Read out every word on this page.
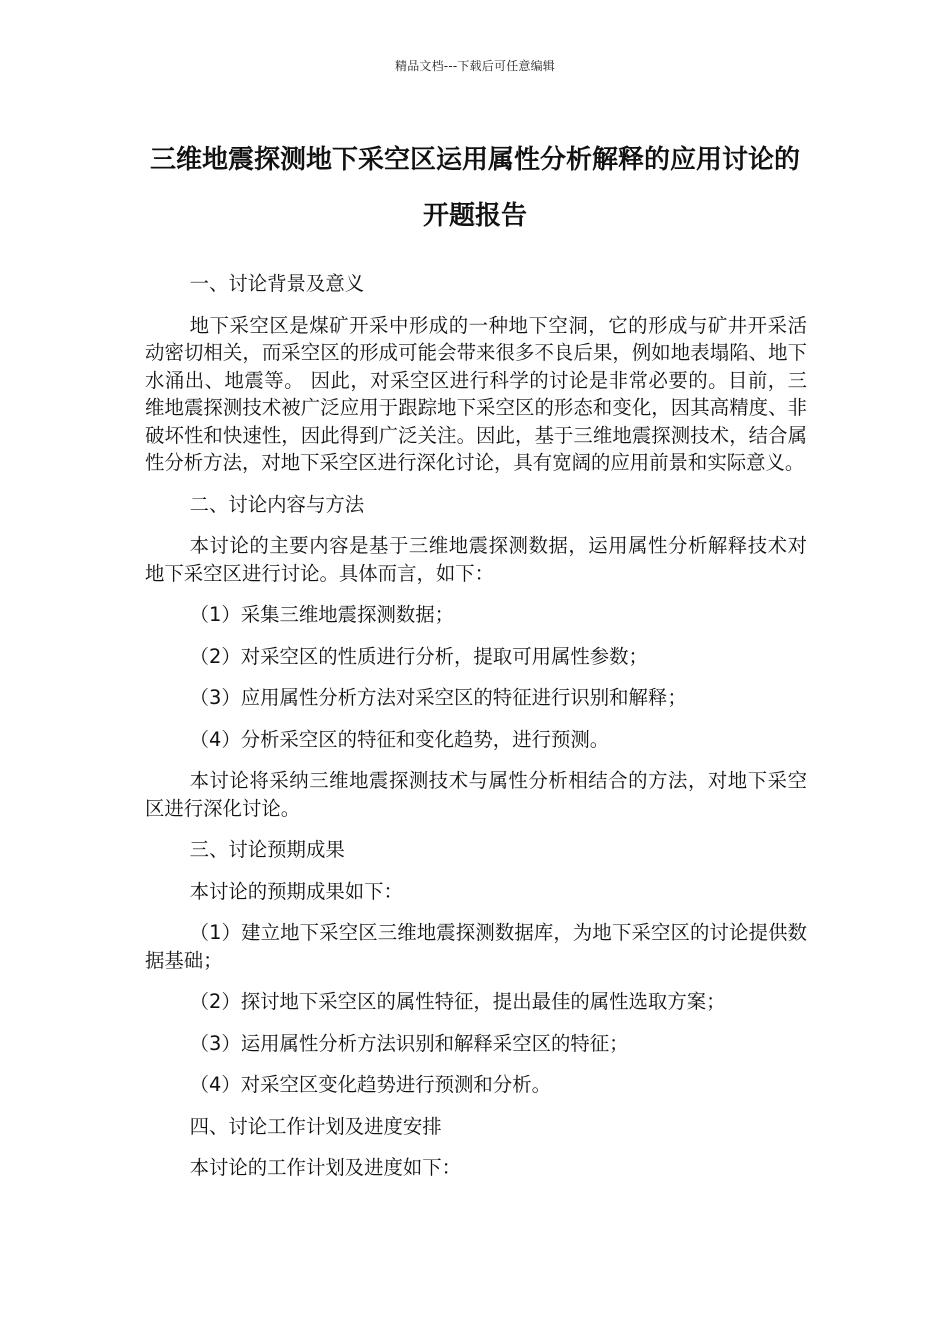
精品文档---下载后可任意编辑
三维地震探测地下采空区运用属性分析解释的应用讨论的开题报告

一、讨论背景及意义

地下采空区是煤矿开采中形成的一种地下空洞，它的形成与矿井开采活动密切相关，而采空区的形成可能会带来很多不良后果，例如地表塌陷、地下水涌出、地震等。 因此，对采空区进行科学的讨论是非常必要的。目前，三维地震探测技术被广泛应用于跟踪地下采空区的形态和变化，因其高精度、非破坏性和快速性，因此得到广泛关注。因此，基于三维地震探测技术，结合属性分析方法，对地下采空区进行深化讨论，具有宽阔的应用前景和实际意义。

二、讨论内容与方法

本讨论的主要内容是基于三维地震探测数据，运用属性分析解释技术对地下采空区进行讨论。具体而言，如下：

（1）采集三维地震探测数据；

（2）对采空区的性质进行分析，提取可用属性参数；

（3）应用属性分析方法对采空区的特征进行识别和解释；

（4）分析采空区的特征和变化趋势，进行预测。

本讨论将采纳三维地震探测技术与属性分析相结合的方法，对地下采空区进行深化讨论。

三、讨论预期成果

本讨论的预期成果如下：

（1）建立地下采空区三维地震探测数据库，为地下采空区的讨论提供数据基础；

（2）探讨地下采空区的属性特征，提出最佳的属性选取方案；

（3）运用属性分析方法识别和解释采空区的特征；

（4）对采空区变化趋势进行预测和分析。

四、讨论工作计划及进度安排

本讨论的工作计划及进度如下：
